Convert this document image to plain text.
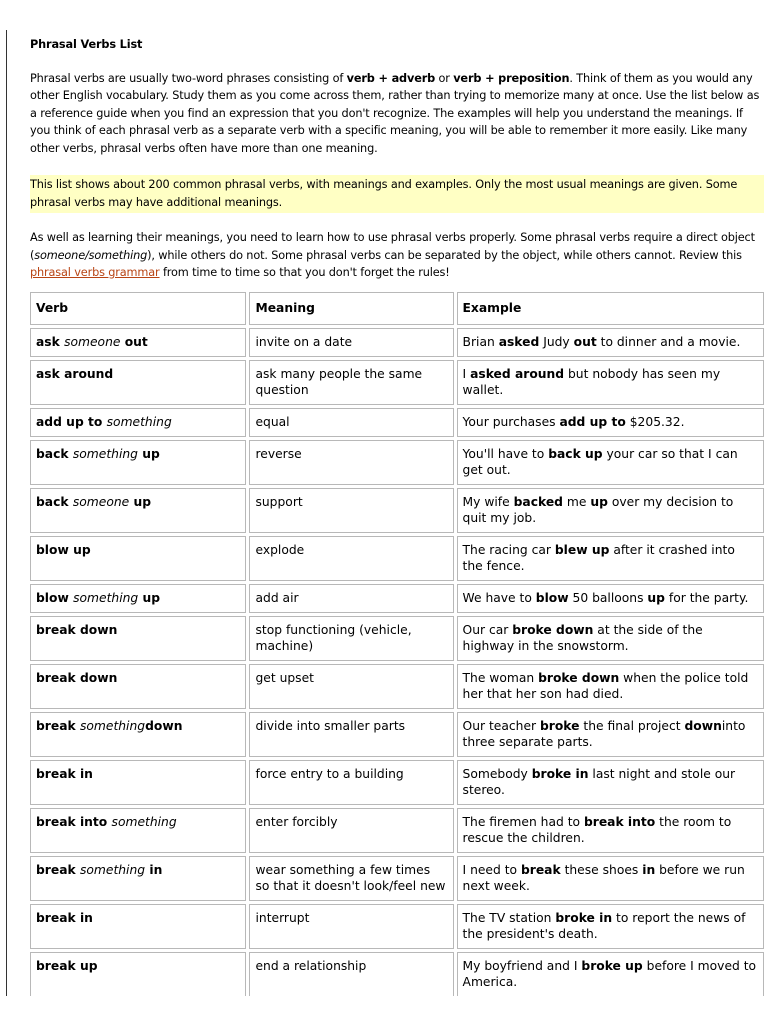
Phrasal Verbs List

Phrasal verbs are usually two-word phrases consisting of verb + adverb or verb + preposition. Think of them as you would any other English vocabulary. Study them as you come across them, rather than trying to memorize many at once. Use the list below as a reference guide when you find an expression that you don't recognize. The examples will help you understand the meanings. If you think of each phrasal verb as a separate verb with a specific meaning, you will be able to remember it more easily. Like many other verbs, phrasal verbs often have more than one meaning.

This list shows about 200 common phrasal verbs, with meanings and examples. Only the most usual meanings are given. Some phrasal verbs may have additional meanings.

As well as learning their meanings, you need to learn how to use phrasal verbs properly. Some phrasal verbs require a direct object (someone/something), while others do not. Some phrasal verbs can be separated by the object, while others cannot. Review this phrasal verbs grammar from time to time so that you don't forget the rules!

Verb	Meaning	Example
ask someone out	invite on a date	Brian asked Judy out to dinner and a movie.
ask around	ask many people the same question	I asked around but nobody has seen my wallet.
add up to something	equal	Your purchases add up to $205.32.
back something up	reverse	You'll have to back up your car so that I can get out.
back someone up	support	My wife backed me up over my decision to quit my job.
blow up	explode	The racing car blew up after it crashed into the fence.
blow something up	add air	We have to blow 50 balloons up for the party.
break down	stop functioning (vehicle, machine)	Our car broke down at the side of the highway in the snowstorm.
break down	get upset	The woman broke down when the police told her that her son had died.
break somethingdown	divide into smaller parts	Our teacher broke the final project downinto three separate parts.
break in	force entry to a building	Somebody broke in last night and stole our stereo.
break into something	enter forcibly	The firemen had to break into the room to rescue the children.
break something in	wear something a few times so that it doesn't look/feel new	I need to break these shoes in before we run next week.
break in	interrupt	The TV station broke in to report the news of the president's death.
break up	end a relationship	My boyfriend and I broke up before I moved to America.
